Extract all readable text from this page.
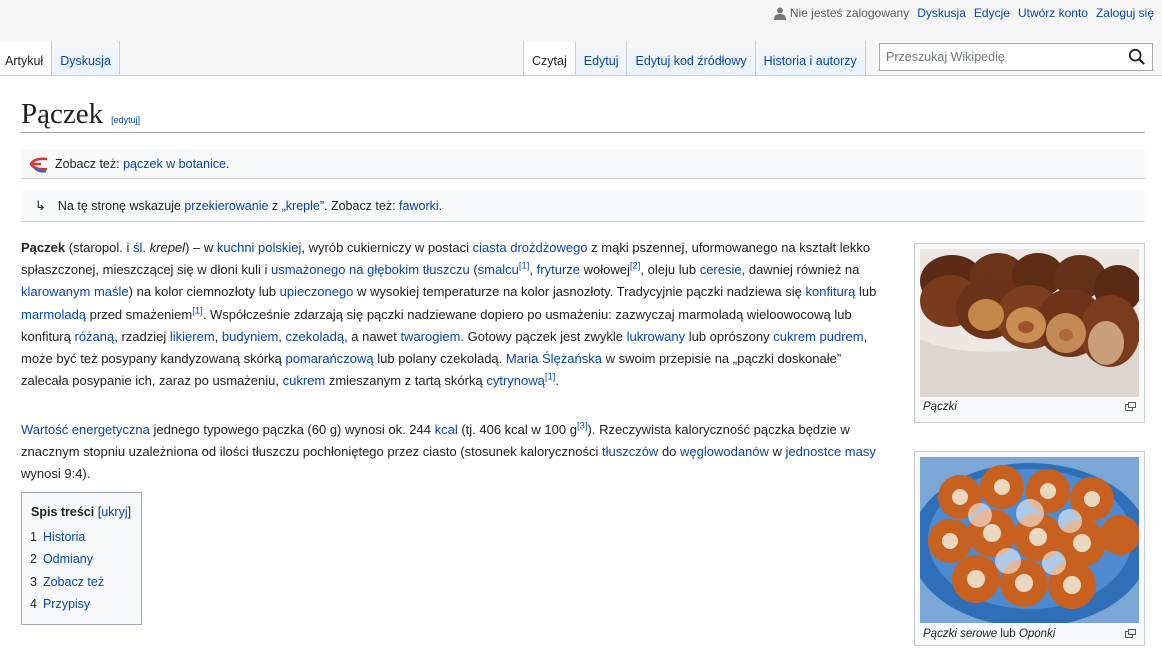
Nie jesteś zalogowany Dyskusja Edycje Utwórz konto Zaloguj się
Artykuł	Dyskusja	Czytaj	Edytuj	Edytuj kod źródłowy	Historia i autorzy
Przeszukaj Wikipedię
Pączek [edytuj]
Zobacz też: pączek w botanice .
↳ Na tę stronę wskazuje przekierowanie z „kreple” . Zobacz też: faworki .

Pączek (staropol. i śl. krepel) – w kuchni polskiej, wyrób cukierniczy w postaci ciasta drożdżowego z mąki pszennej, uformowanego na kształt lekko spłaszczonej, mieszczącej się w dłoni kuli i usmażonego na głębokim tłuszczu (smalcu[1], fryturze wołowej[2], oleju lub ceresie, dawniej również na klarowanym maśle) na kolor ciemnozłoty lub upieczonego w wysokiej temperaturze na kolor jasnozłoty. Tradycyjnie pączki nadziewa się konfiturą lub marmoladą przed smażeniem[1]. Współcześnie zdarzają się pączki nadziewane dopiero po usmażeniu: zazwyczaj marmoladą wieloowocową lub konfiturą różaną, rzadziej likierem, budyniem, czekoladą, a nawet twarogiem. Gotowy pączek jest zwykle lukrowany lub oprószony cukrem pudrem, może być też posypany kandyzowaną skórką pomarańczową lub polany czekoladą. Maria Ślężańska w swoim przepisie na „pączki doskonałe” zalecała posypanie ich, zaraz po usmażeniu, cukrem zmieszanym z tartą skórką cytrynową[1].

Wartość energetyczna jednego typowego pączka (60 g) wynosi ok. 244 kcal (tj. 406 kcal w 100 g[3]). Rzeczywista kaloryczność pączka będzie w znacznym stopniu uzależniona od ilości tłuszczu pochłoniętego przez ciasto (stosunek kaloryczności tłuszczów do węglowodanów w jednostce masy wynosi 9:4).

Spis treści [ukryj]
1 Historia
2 Odmiany
3 Zobacz też
4 Przypisy
Pączki
Pączki serowe lub Oponki
